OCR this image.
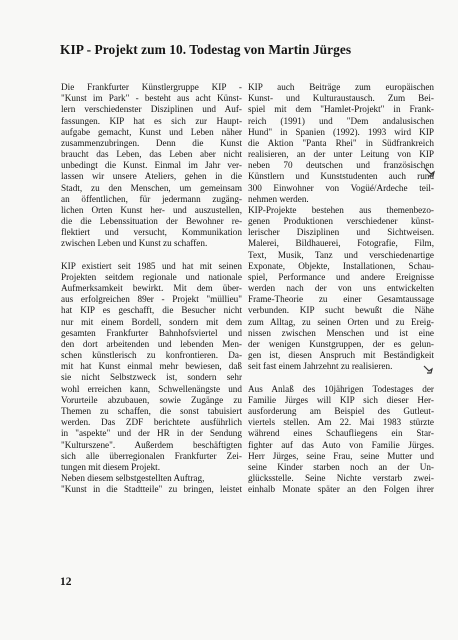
KIP - Projekt zum 10. Todestag von Martin Jürges
Die Frankfurter Künstlergruppe KIP -
"Kunst im Park" - besteht aus acht Künst-
lern verschiedenster Disziplinen und Auf-
fassungen. KIP hat es sich zur Haupt-
aufgabe gemacht, Kunst und Leben näher
zusammenzubringen. Denn die Kunst
braucht das Leben, das Leben aber nicht
unbedingt die Kunst. Einmal im Jahr ver-
lassen wir unsere Ateliers, gehen in die
Stadt, zu den Menschen, um gemeinsam
an öffentlichen, für jedermann zugäng-
lichen Orten Kunst her- und auszustellen,
die die Lebenssituation der Bewohner re-
flektiert und versucht, Kommunikation
zwischen Leben und Kunst zu schaffen.
KIP existiert seit 1985 und hat mit seinen
Projekten seitdem regionale und nationale
Aufmerksamkeit bewirkt. Mit dem über-
aus erfolgreichen 89er - Projekt "müllieu"
hat KIP es geschafft, die Besucher nicht
nur mit einem Bordell, sondern mit dem
gesamten Frankfurter Bahnhofsviertel und
den dort arbeitenden und lebenden Men-
schen künstlerisch zu konfrontieren. Da-
mit hat Kunst einmal mehr bewiesen, daß
sie nicht Selbstzweck ist, sondern sehr
wohl erreichen kann, Schwellenängste und
Vorurteile abzubauen, sowie Zugänge zu
Themen zu schaffen, die sonst tabuisiert
werden. Das ZDF berichtete ausführlich
in "aspekte" und der HR in der Sendung
"Kulturszene". Außerdem beschäftigten
sich alle überregionalen Frankfurter Zei-
tungen mit diesem Projekt.
Neben diesem selbstgestellten Auftrag,
"Kunst in die Stadtteile" zu bringen, leistet
KIP auch Beiträge zum europäischen
Kunst- und Kulturaustausch. Zum Bei-
spiel mit dem "Hamlet-Projekt" in Frank-
reich (1991) und "Dem andalusischen
Hund" in Spanien (1992). 1993 wird KIP
die Aktion "Panta Rhei" in Südfrankreich
realisieren, an der unter Leitung von KIP
neben 70 deutschen und französischen
Künstlern und Kunststudenten auch rund
300 Einwohner von Vogüé/Ardeche teil-
nehmen werden.
KIP-Projekte bestehen aus themenbezo-
genen Produktionen verschiedener künst-
lerischer Disziplinen und Sichtweisen.
Malerei, Bildhauerei, Fotografie, Film,
Text, Musik, Tanz und verschiedenartige
Exponate, Objekte, Installationen, Schau-
spiel, Performance und andere Ereignisse
werden nach der von uns entwickelten
Frame-Theorie zu einer Gesamtaussage
verbunden. KIP sucht bewußt die Nähe
zum Alltag, zu seinen Orten und zu Ereig-
nissen zwischen Menschen und ist eine
der wenigen Kunstgruppen, der es gelun-
gen ist, diesen Anspruch mit Beständigkeit
seit fast einem Jahrzehnt zu realisieren.
Aus Anlaß des 10jährigen Todestages der
Familie Jürges will KIP sich dieser Her-
ausforderung am Beispiel des Gutleut-
viertels stellen. Am 22. Mai 1983 stürzte
während eines Schaufliegens ein Star-
fighter auf das Auto von Familie Jürges.
Herr Jürges, seine Frau, seine Mutter und
seine Kinder starben noch an der Un-
glücksstelle. Seine Nichte verstarb zwei-
einhalb Monate später an den Folgen ihrer
12
